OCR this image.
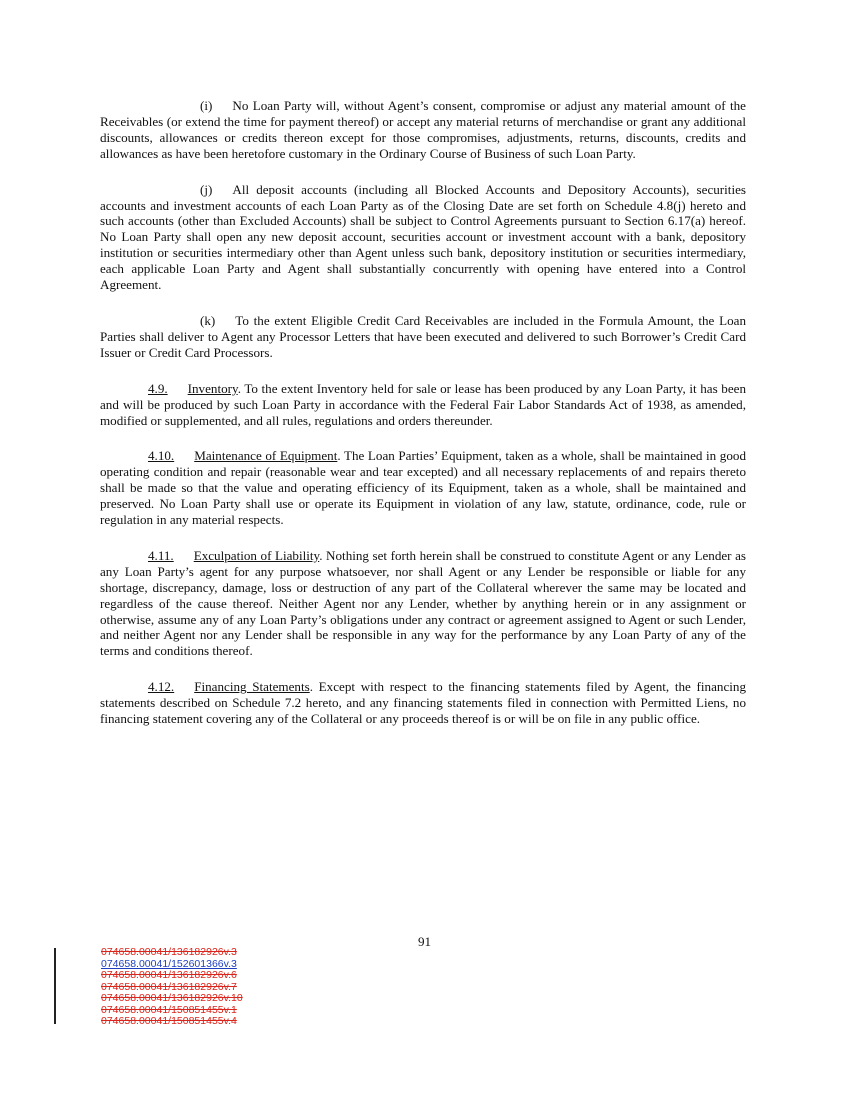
(i) No Loan Party will, without Agent’s consent, compromise or adjust any material amount of the Receivables (or extend the time for payment thereof) or accept any material returns of merchandise or grant any additional discounts, allowances or credits thereon except for those compromises, adjustments, returns, discounts, credits and allowances as have been heretofore customary in the Ordinary Course of Business of such Loan Party.

(j) All deposit accounts (including all Blocked Accounts and Depository Accounts), securities accounts and investment accounts of each Loan Party as of the Closing Date are set forth on Schedule 4.8(j) hereto and such accounts (other than Excluded Accounts) shall be subject to Control Agreements pursuant to Section 6.17(a) hereof. No Loan Party shall open any new deposit account, securities account or investment account with a bank, depository institution or securities intermediary other than Agent unless such bank, depository institution or securities intermediary, each applicable Loan Party and Agent shall substantially concurrently with opening have entered into a Control Agreement.

(k) To the extent Eligible Credit Card Receivables are included in the Formula Amount, the Loan Parties shall deliver to Agent any Processor Letters that have been executed and delivered to such Borrower’s Credit Card Issuer or Credit Card Processors.

4.9. Inventory. To the extent Inventory held for sale or lease has been produced by any Loan Party, it has been and will be produced by such Loan Party in accordance with the Federal Fair Labor Standards Act of 1938, as amended, modified or supplemented, and all rules, regulations and orders thereunder.

4.10. Maintenance of Equipment. The Loan Parties’ Equipment, taken as a whole, shall be maintained in good operating condition and repair (reasonable wear and tear excepted) and all necessary replacements of and repairs thereto shall be made so that the value and operating efficiency of its Equipment, taken as a whole, shall be maintained and preserved. No Loan Party shall use or operate its Equipment in violation of any law, statute, ordinance, code, rule or regulation in any material respects.

4.11. Exculpation of Liability. Nothing set forth herein shall be construed to constitute Agent or any Lender as any Loan Party’s agent for any purpose whatsoever, nor shall Agent or any Lender be responsible or liable for any shortage, discrepancy, damage, loss or destruction of any part of the Collateral wherever the same may be located and regardless of the cause thereof. Neither Agent nor any Lender, whether by anything herein or in any assignment or otherwise, assume any of any Loan Party’s obligations under any contract or agreement assigned to Agent or such Lender, and neither Agent nor any Lender shall be responsible in any way for the performance by any Loan Party of any of the terms and conditions thereof.

4.12. Financing Statements. Except with respect to the financing statements filed by Agent, the financing statements described on Schedule 7.2 hereto, and any financing statements filed in connection with Permitted Liens, no financing statement covering any of the Collateral or any proceeds thereof is or will be on file in any public office.

91
074658.00041/136182926v.3
074658.00041/152601366v.3
074658.00041/136182926v.6
074658.00041/136182926v.7
074658.00041/136182926v.10
074658.00041/150851455v.1
074658.00041/150851455v.4
